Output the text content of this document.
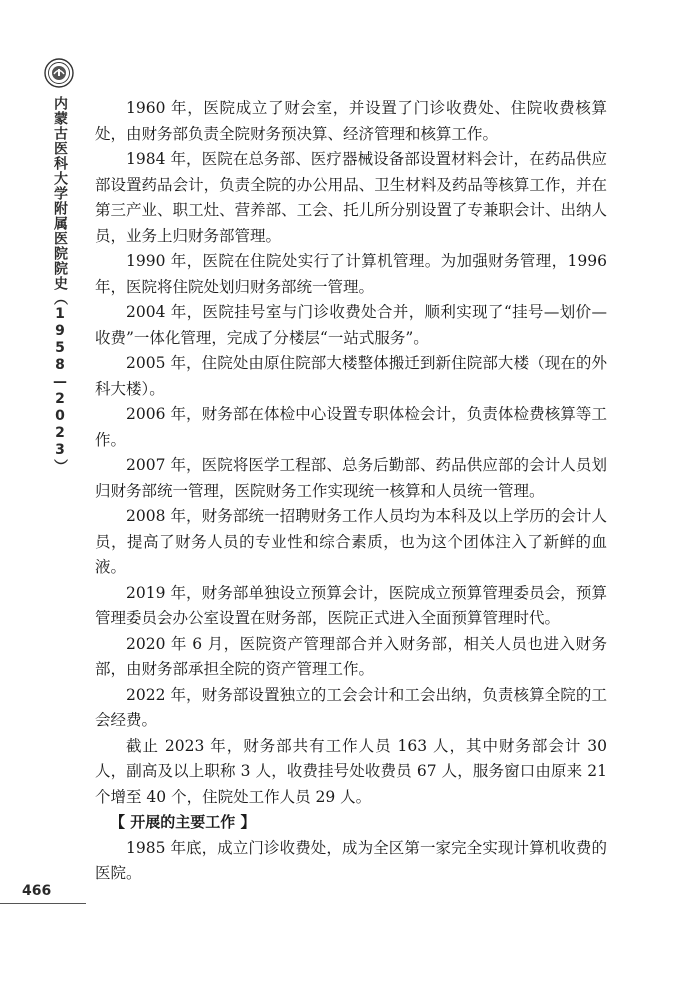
内蒙古医科大学附属医院院史（1958—2023）
466

1960 年，医院成立了财会室，并设置了门诊收费处、住院收费核算处，由财务部负责全院财务预决算、经济管理和核算工作。

1984 年，医院在总务部、医疗器械设备部设置材料会计，在药品供应部设置药品会计，负责全院的办公用品、卫生材料及药品等核算工作，并在第三产业、职工灶、营养部、工会、托儿所分别设置了专兼职会计、出纳人员，业务上归财务部管理。

1990 年，医院在住院处实行了计算机管理。为加强财务管理，1996 年，医院将住院处划归财务部统一管理。

2004 年，医院挂号室与门诊收费处合并，顺利实现了“挂号—划价—收费”一体化管理，完成了分楼层“一站式服务”。

2005 年，住院处由原住院部大楼整体搬迁到新住院部大楼（现在的外科大楼）。

2006 年，财务部在体检中心设置专职体检会计，负责体检费核算等工作。

2007 年，医院将医学工程部、总务后勤部、药品供应部的会计人员划归财务部统一管理，医院财务工作实现统一核算和人员统一管理。

2008 年，财务部统一招聘财务工作人员均为本科及以上学历的会计人员，提高了财务人员的专业性和综合素质，也为这个团体注入了新鲜的血液。

2019 年，财务部单独设立预算会计，医院成立预算管理委员会，预算管理委员会办公室设置在财务部，医院正式进入全面预算管理时代。

2020 年 6 月，医院资产管理部合并入财务部，相关人员也进入财务部，由财务部承担全院的资产管理工作。

2022 年，财务部设置独立的工会会计和工会出纳，负责核算全院的工会经费。

截止 2023 年，财务部共有工作人员 163 人，其中财务部会计 30 人，副高及以上职称 3 人，收费挂号处收费员 67 人，服务窗口由原来 21 个增至 40 个，住院处工作人员 29 人。

【 开展的主要工作 】

1985 年底，成立门诊收费处，成为全区第一家完全实现计算机收费的医院。
